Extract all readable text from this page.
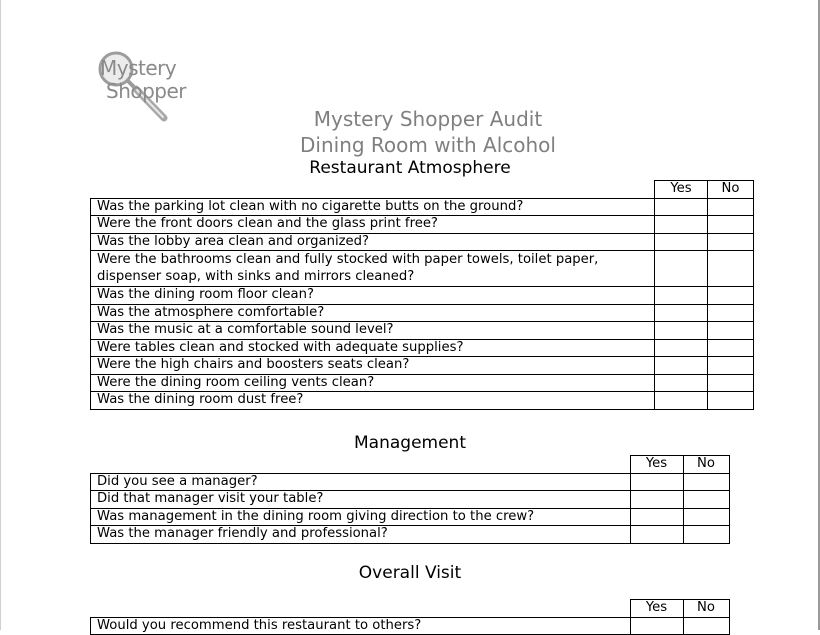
Mystery
Shopper
Mystery Shopper Audit
Dining Room with Alcohol
Restaurant Atmosphere
	Yes	No
Was the parking lot clean with no cigarette butts on the ground?		
Were the front doors clean and the glass print free?		
Was the lobby area clean and organized?		
Were the bathrooms clean and fully stocked with paper towels, toilet paper, dispenser soap, with sinks and mirrors cleaned?		
Was the dining room floor clean?		
Was the atmosphere comfortable?		
Was the music at a comfortable sound level?		
Were tables clean and stocked with adequate supplies?		
Were the high chairs and boosters seats clean?		
Were the dining room ceiling vents clean?		
Was the dining room dust free?		
Management
	Yes	No
Did you see a manager?		
Did that manager visit your table?		
Was management in the dining room giving direction to the crew?		
Was the manager friendly and professional?		
Overall Visit
	Yes	No
Would you recommend this restaurant to others?		
